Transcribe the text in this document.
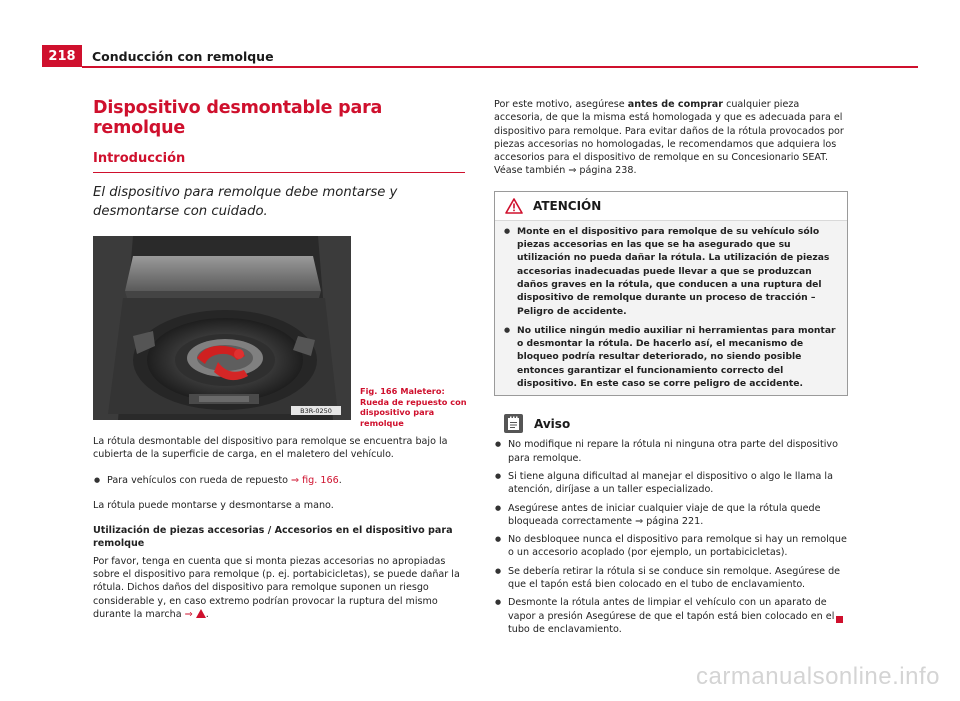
218	Conducción con remolque
Dispositivo desmontable para remolque
Introducción

El dispositivo para remolque debe montarse y desmontarse con cuidado.

B3R-0250
Fig. 166 Maletero: Rueda de repuesto con dispositivo para remolque

La rótula desmontable del dispositivo para remolque se encuentra bajo la cubierta de la superficie de carga, en el maletero del vehículo.

● Para vehículos con rueda de repuesto ⇒ fig. 166.

La rótula puede montarse y desmontarse a mano.

Utilización de piezas accesorias / Accesorios en el dispositivo para remolque

Por favor, tenga en cuenta que si monta piezas accesorias no apropiadas sobre el dispositivo para remolque (p. ej. portabicicletas), se puede dañar la rótula. Dichos daños del dispositivo para remolque suponen un riesgo considerable y, en caso extremo podrían provocar la ruptura del mismo durante la marcha ⇒ .

Por este motivo, asegúrese antes de comprar cualquier pieza accesoria, de que la misma está homologada y que es adecuada para el dispositivo para remolque. Para evitar daños de la rótula provocados por piezas accesorias no homologadas, le recomendamos que adquiera los accesorios para el dispositivo de remolque en su Concesionario SEAT. Véase también ⇒ página 238.

ATENCIÓN

● Monte en el dispositivo para remolque de su vehículo sólo piezas accesorias en las que se ha asegurado que su utilización no pueda dañar la rótula. La utilización de piezas accesorias inadecuadas puede llevar a que se produzcan daños graves en la rótula, que conducen a una ruptura del dispositivo de remolque durante un proceso de tracción – Peligro de accidente.

● No utilice ningún medio auxiliar ni herramientas para montar o desmontar la rótula. De hacerlo así, el mecanismo de bloqueo podría resultar deteriorado, no siendo posible entonces garantizar el funcionamiento correcto del dispositivo. En este caso se corre peligro de accidente.

Aviso

● No modifique ni repare la rótula ni ninguna otra parte del dispositivo para remolque.

● Si tiene alguna dificultad al manejar el dispositivo o algo le llama la atención, diríjase a un taller especializado.

● Asegúrese antes de iniciar cualquier viaje de que la rótula quede bloqueada correctamente ⇒ página 221.

● No desbloquee nunca el dispositivo para remolque si hay un remolque o un accesorio acoplado (por ejemplo, un portabicicletas).

● Se debería retirar la rótula si se conduce sin remolque. Asegúrese de que el tapón está bien colocado en el tubo de enclavamiento.

● Desmonte la rótula antes de limpiar el vehículo con un aparato de vapor a presión Asegúrese de que el tapón está bien colocado en el tubo de enclavamiento.

carmanualsonline.info
